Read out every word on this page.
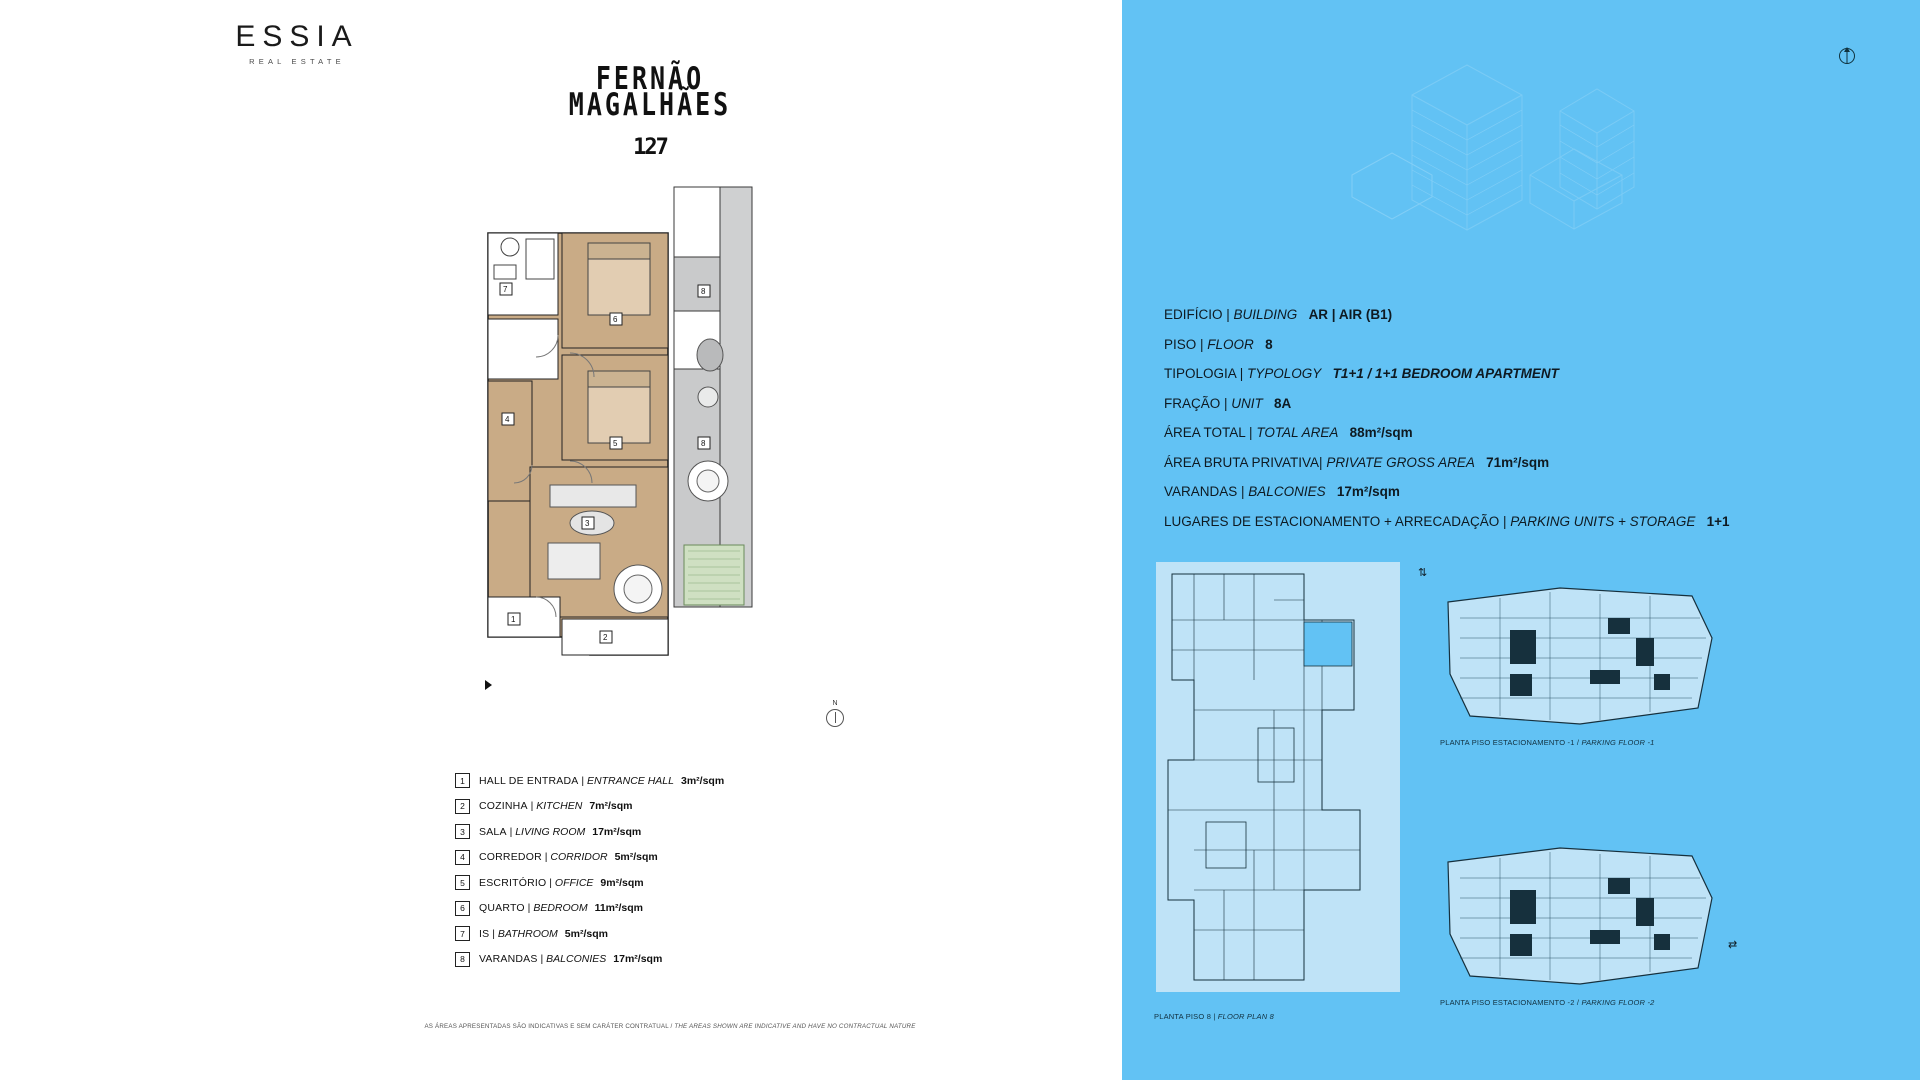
ESSIA
REAL ESTATE	FERNÃO
MAGALHÃES
127
1
2
3
4
5
6
7	8
8
N
1	HALL DE ENTRADA | ENTRANCE HALL 3m²/sqm
2	COZINHA | KITCHEN 7m²/sqm
3	SALA | LIVING ROOM 17m²/sqm
4	CORREDOR | CORRIDOR 5m²/sqm
5	ESCRITÓRIO | OFFICE 9m²/sqm
6	QUARTO | BEDROOM 11m²/sqm
7	IS | BATHROOM 5m²/sqm
8	VARANDAS | BALCONIES 17m²/sqm
AS ÁREAS APRESENTADAS SÃO INDICATIVAS E SEM CARÁTER CONTRATUAL / THE AREAS SHOWN ARE INDICATIVE AND HAVE NO CONTRACTUAL NATURE
EDIFÍCIO | BUILDING AR | AIR (B1)
PISO | FLOOR 8
TIPOLOGIA | TYPOLOGY T1+1 / 1+1 BEDROOM APARTMENT
FRAÇÃO | UNIT 8A
ÁREA TOTAL | TOTAL AREA 88m²/sqm
ÁREA BRUTA PRIVATIVA| PRIVATE GROSS AREA 71m²/sqm
VARANDAS | BALCONIES 17m²/sqm
LUGARES DE ESTACIONAMENTO + ARRECADAÇÃO | PARKING UNITS + STORAGE 1+1
PLANTA PISO 8 | FLOOR PLAN 8
⇅
PLANTA PISO ESTACIONAMENTO -1 / PARKING FLOOR -1
⇄
PLANTA PISO ESTACIONAMENTO -2 / PARKING FLOOR -2
